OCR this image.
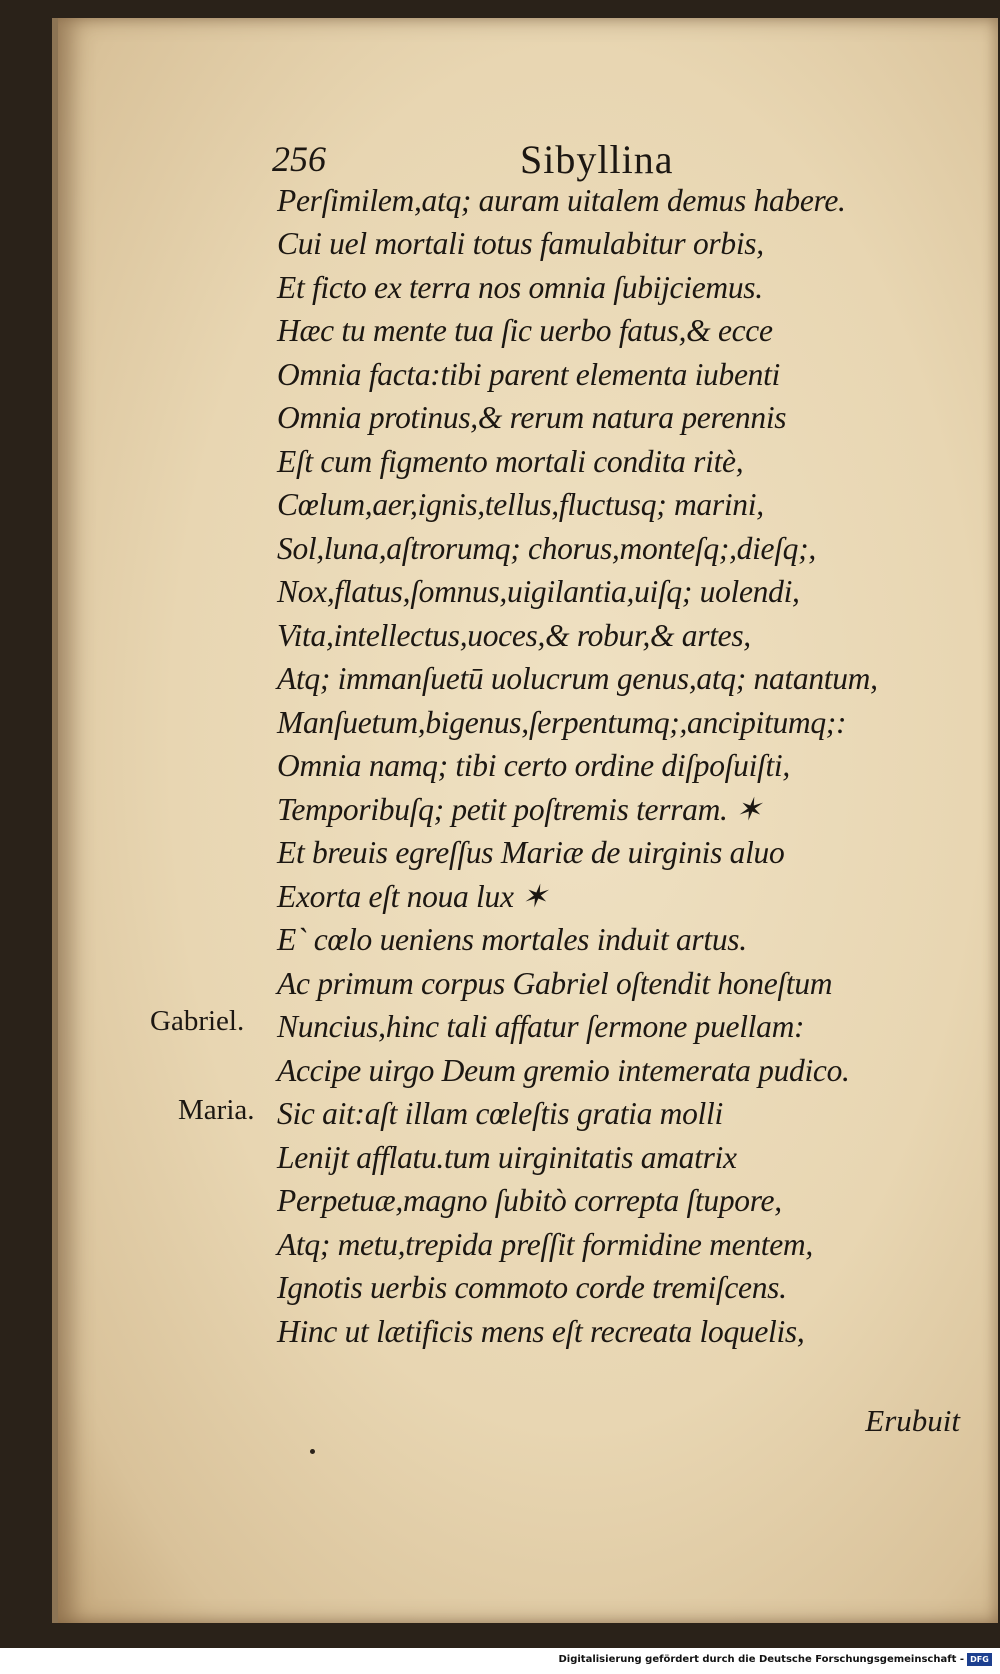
256	Sibyllina
Perſimilem,atq; auram uitalem demus habere.
Cui uel mortali totus famulabitur orbis,
Et ficto ex terra nos omnia ſubijciemus.
Hæc tu mente tua ſic uerbo fatus,& ecce
Omnia facta:tibi parent elementa iubenti
Omnia protinus,& rerum natura perennis
Eſt cum figmento mortali condita ritè,
Cœlum,aer,ignis,tellus,fluctusq; marini,
Sol,luna,aſtrorumq; chorus,monteſq;,dieſq;,
Nox,flatus,ſomnus,uigilantia,uiſq; uolendi,
Vita,intellectus,uoces,& robur,& artes,
Atq; immanſuetū uolucrum genus,atq; natantum,
Manſuetum,bigenus,ſerpentumq;,ancipitumq;:
Omnia namq; tibi certo ordine diſpoſuiſti,
Temporibuſq; petit poſtremis terram. ✶
Et breuis egreſſus Mariæ de uirginis aluo
Exorta eſt noua lux ✶
E` cœlo ueniens mortales induit artus.
Ac primum corpus Gabriel oſtendit honeſtum
Nuncius,hinc tali affatur ſermone puellam:
Accipe uirgo Deum gremio intemerata pudico.
Sic ait:aſt illam cœleſtis gratia molli
Lenijt afflatu.tum uirginitatis amatrix
Perpetuæ,magno ſubitò correpta ſtupore,
Atq; metu,trepida preſſit formidine mentem,
Ignotis uerbis commoto corde tremiſcens.
Hinc ut lætificis mens eſt recreata loquelis,
Gabriel.
Maria.
Erubuit
Digitalisierung gefördert durch die Deutsche Forschungsgemeinschaft - DFG
